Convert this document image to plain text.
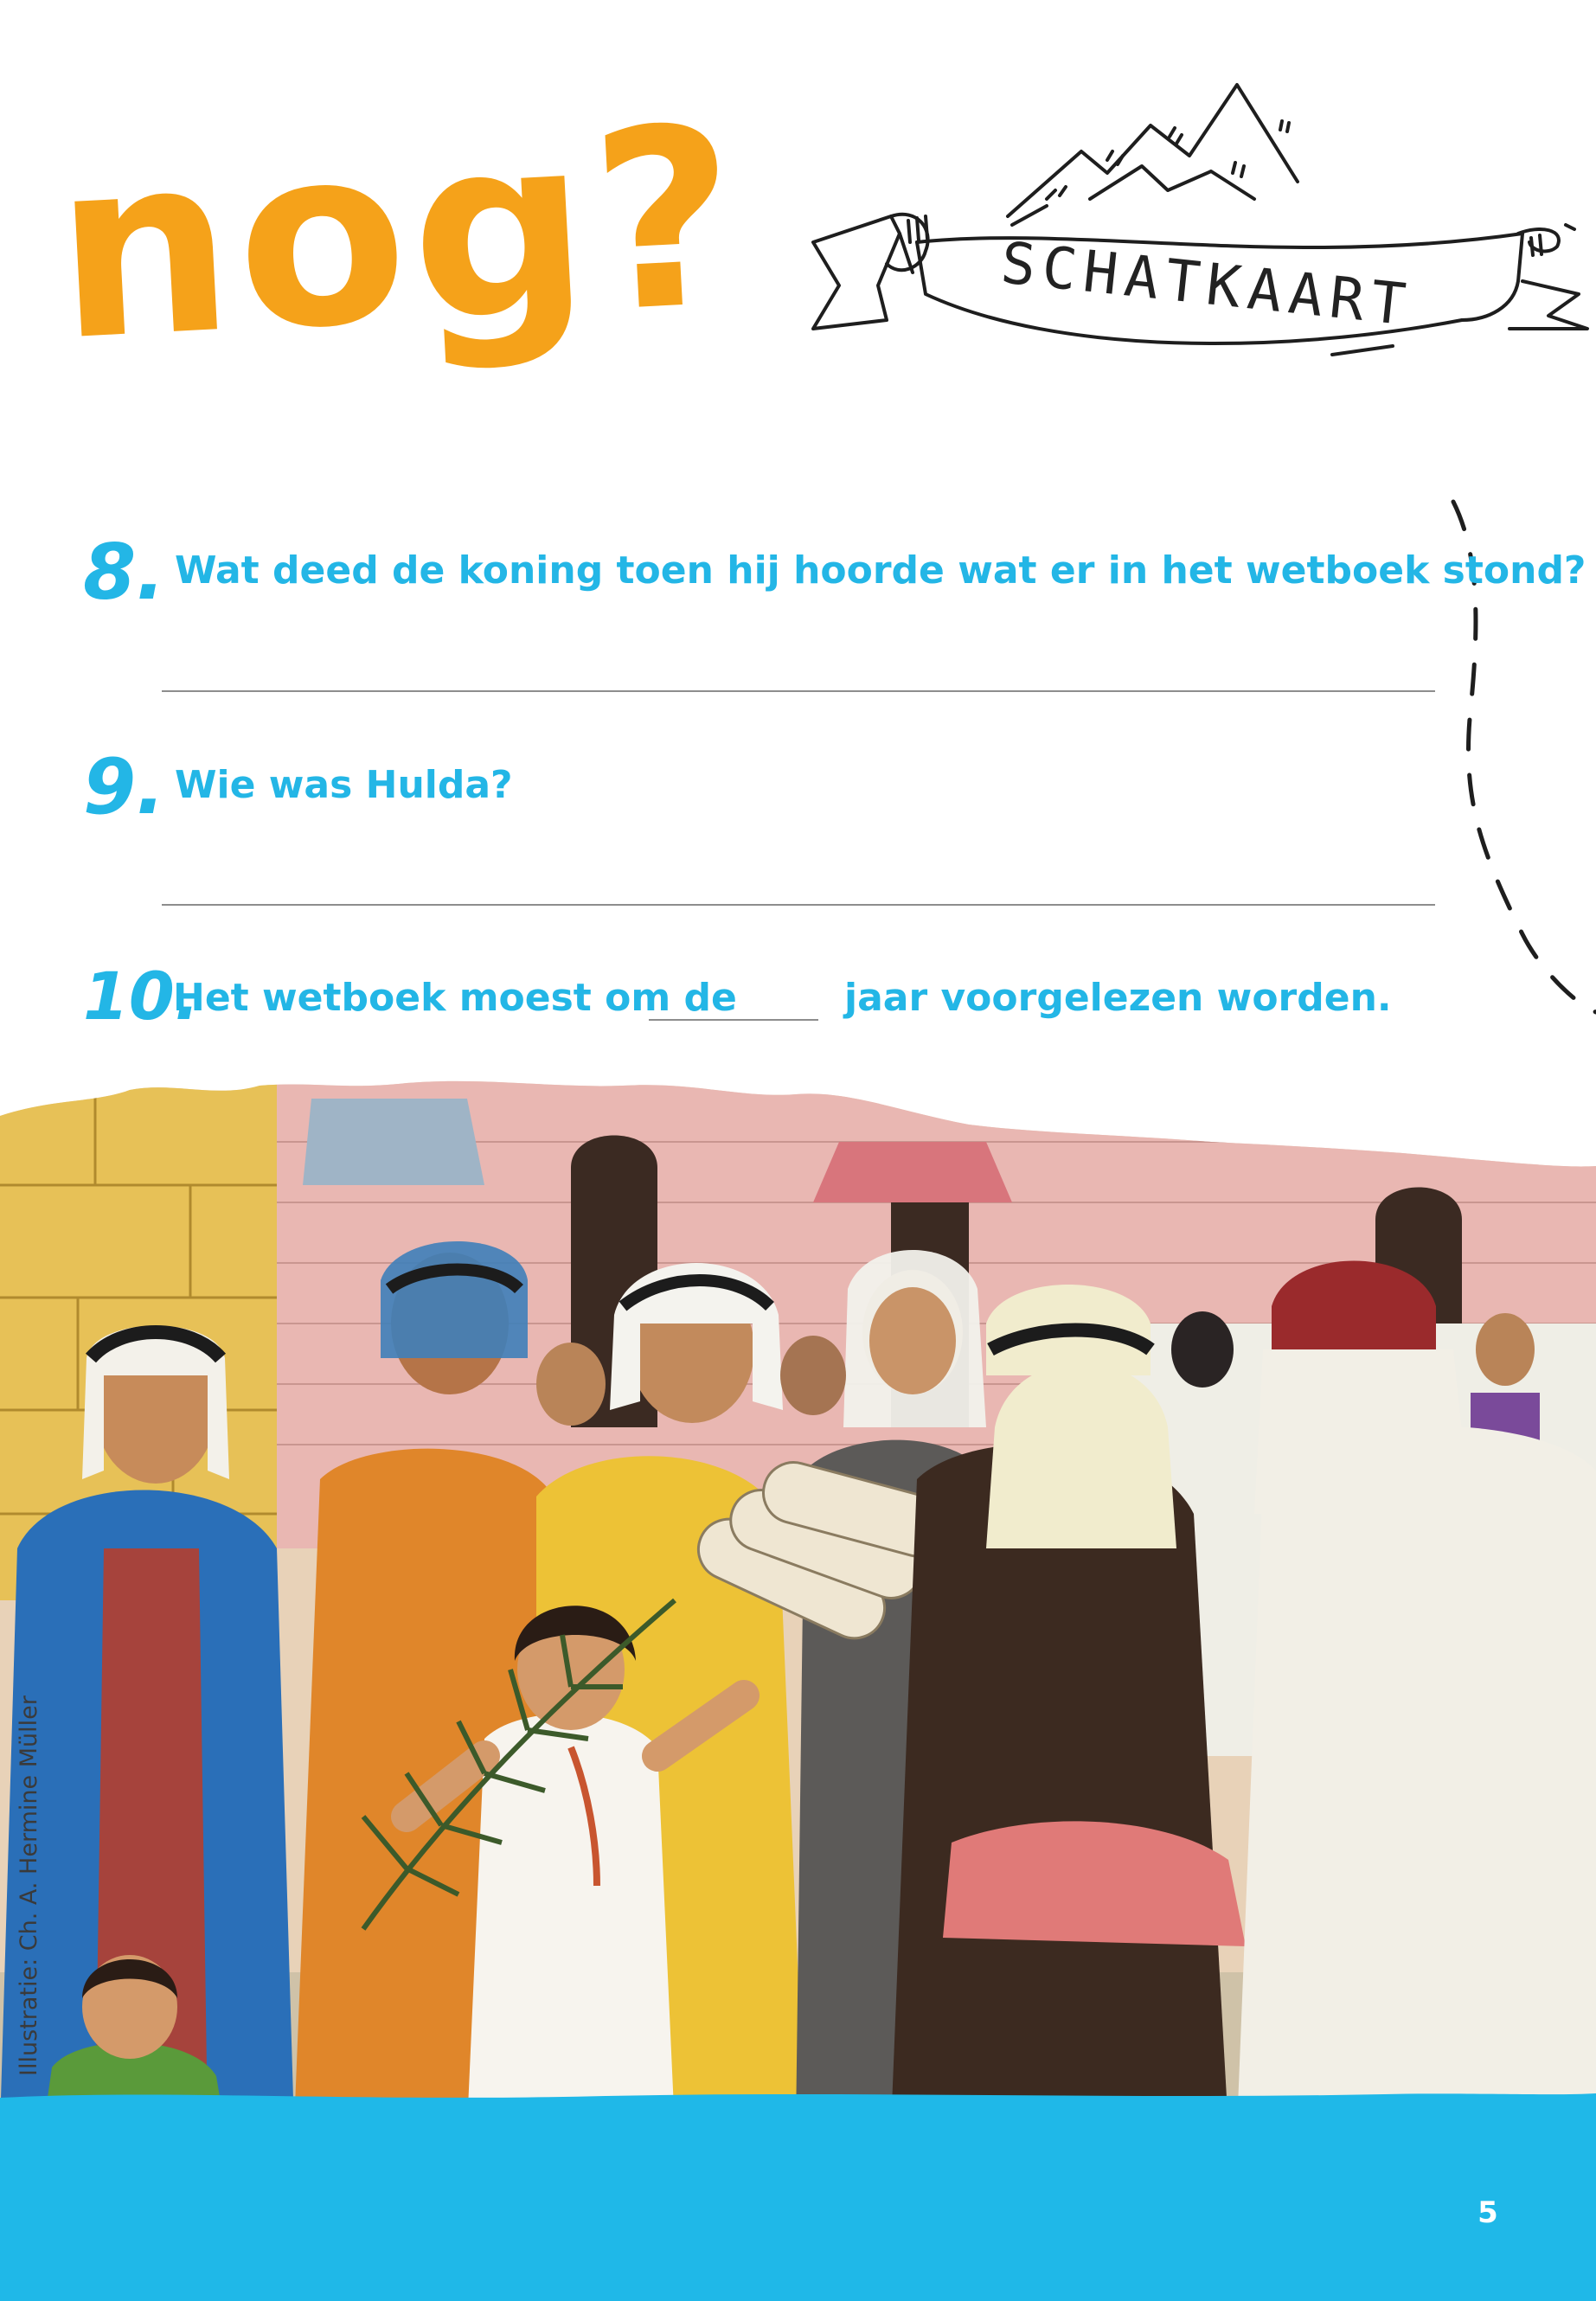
nog?	SCHATKAART
8. Wat deed de koning toen hij hoorde wat er in het wetboek stond?
9. Wie was Hulda?
10.
Het wetboek moest om de	jaar voorgelezen worden.
Illustratie: Ch. A. Hermine Müller
5
